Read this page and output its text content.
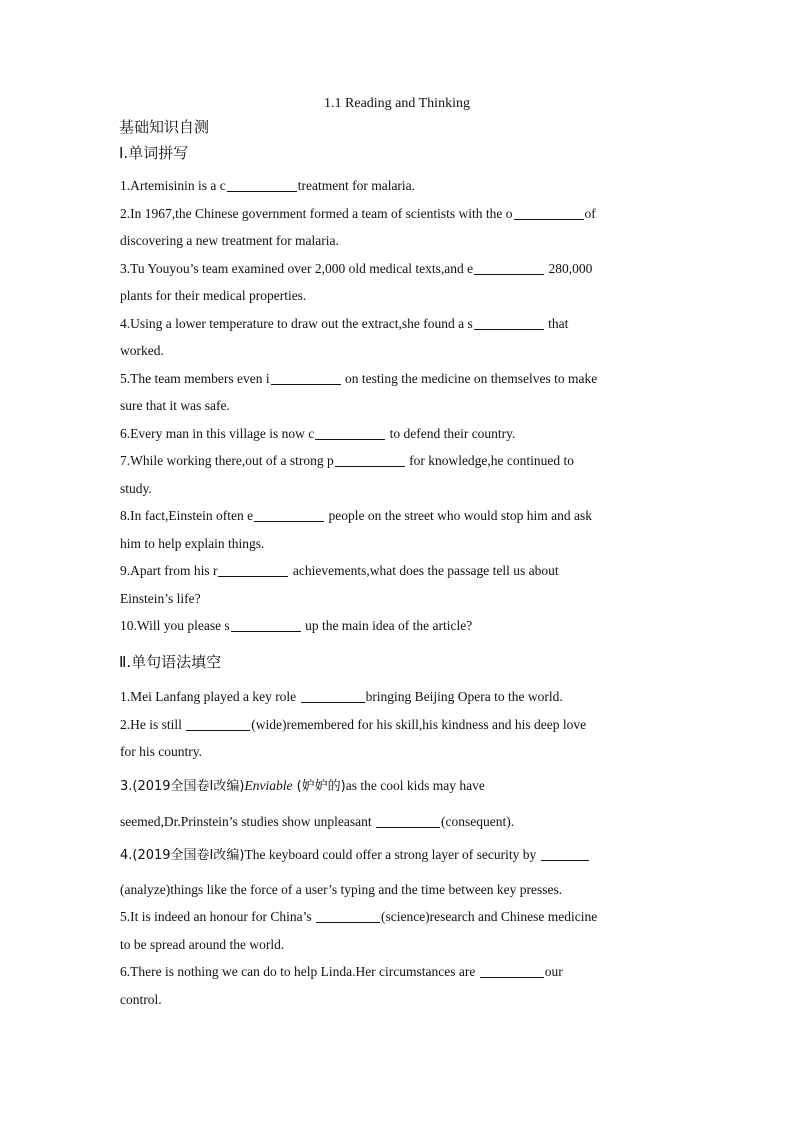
1.1 Reading and Thinking
基础知识自测
Ⅰ.单词拼写

1.Artemisinin is a c	treatment for malaria.

2.In 1967,the Chinese government formed a team of scientists with the o	of
discovering a new treatment for malaria.

3.Tu Youyou’s team examined over 2,000 old medical texts,and e	280,000
plants for their medical properties.

4.Using a lower temperature to draw out the extract,she found a s	that
worked.

5.The team members even i	on testing the medicine on themselves to make
sure that it was safe.

6.Every man in this village is now c	to defend their country.

7.While working there,out of a strong p	for knowledge,he continued to
study.

8.In fact,Einstein often e	people on the street who would stop him and ask
him to help explain things.

9.Apart from his r	achievements,what does the passage tell us about
Einstein’s life?

10.Will you please s	up the main idea of the article?

Ⅱ.单句语法填空

1.Mei Lanfang played a key role	bringing Beijing Opera to the world.

2.He is still	(wide)remembered for his skill,his kindness and his deep love
for his country.

3.(2019全国卷Ⅰ改编)Enviable (妒妒的)as the cool kids may have

seemed,Dr.Prinstein’s studies show unpleasant	(consequent).

4.(2019全国卷Ⅰ改编)The keyboard could offer a strong layer of security by

(analyze)things like the force of a user’s typing and the time between key presses.

5.It is indeed an honour for China’s	(science)research and Chinese medicine
to be spread around the world.

6.There is nothing we can do to help Linda.Her circumstances are	our
control.
